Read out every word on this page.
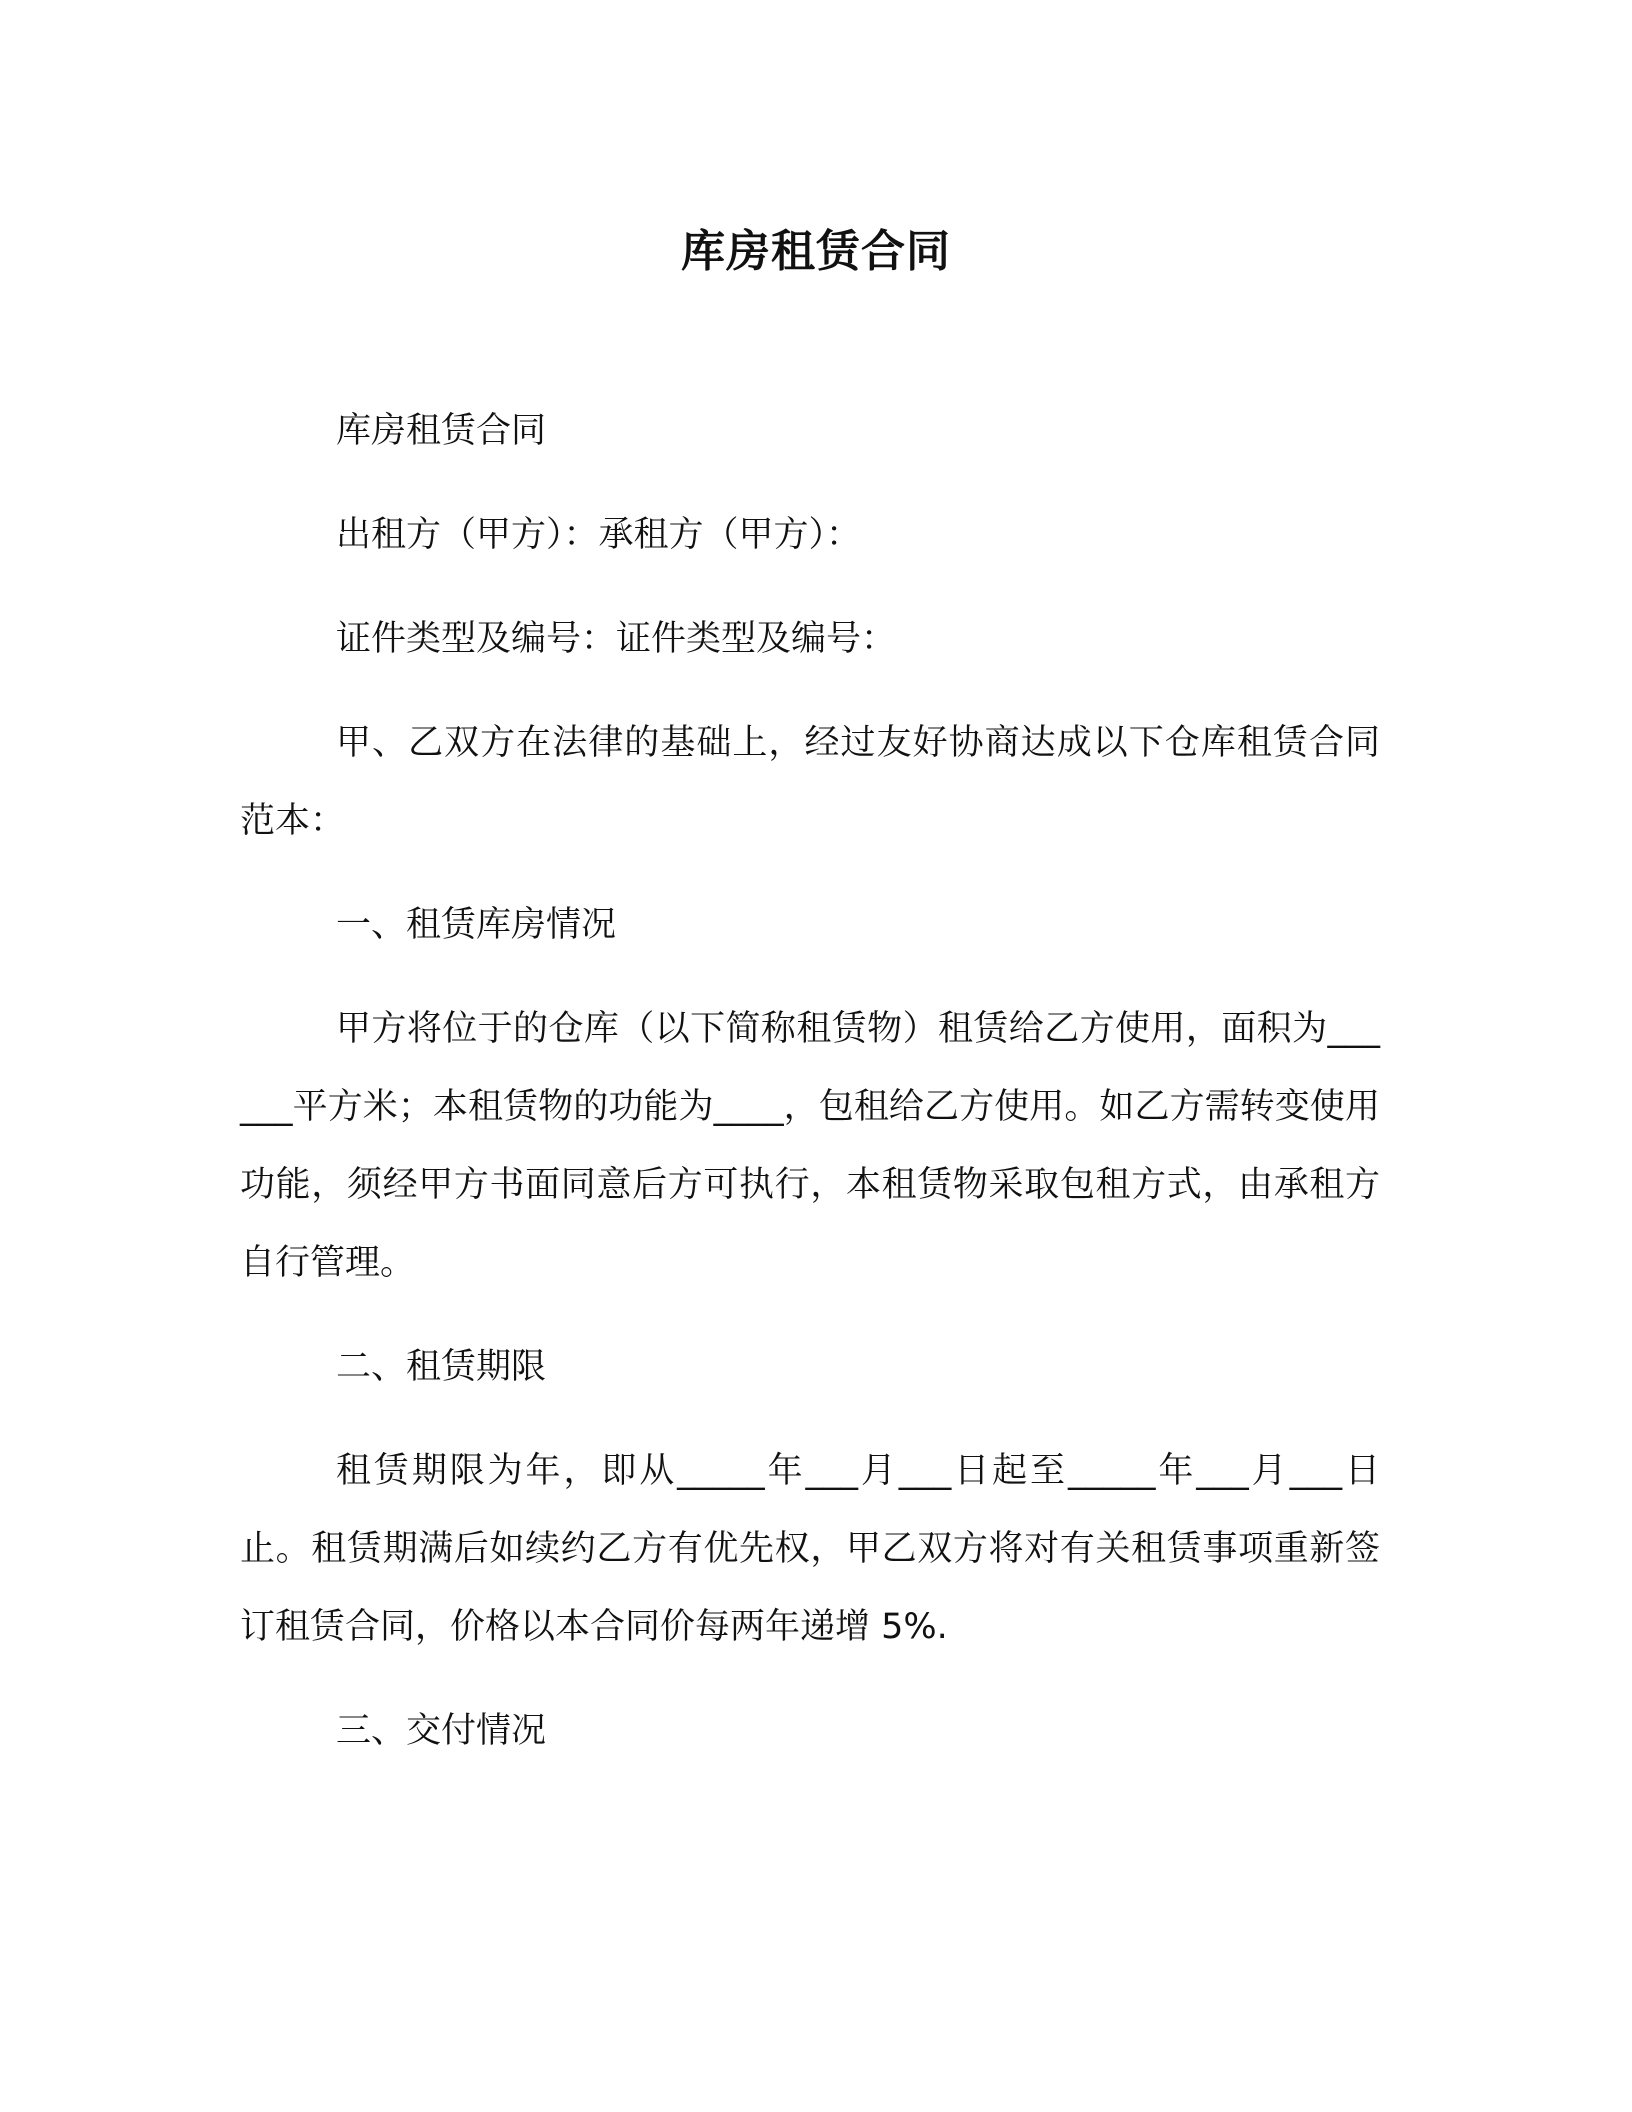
库房租赁合同

库房租赁合同

出租方（甲方）：承租方（甲方）：

证件类型及编号：证件类型及编号：

甲、乙双方在法律的基础上，经过友好协商达成以下仓库租赁合同范本：

一、租赁库房情况

甲方将位于的仓库（以下简称租赁物）租赁给乙方使用，面积为______平方米；本租赁物的功能为____，包租给乙方使用。如乙方需转变使用功能，须经甲方书面同意后方可执行，本租赁物采取包租方式，由承租方自行管理。

二、租赁期限

租赁期限为年，即从_____年___月___日起至_____年___月___日止。租赁期满后如续约乙方有优先权，甲乙双方将对有关租赁事项重新签订租赁合同，价格以本合同价每两年递增 5%.

三、交付情况
